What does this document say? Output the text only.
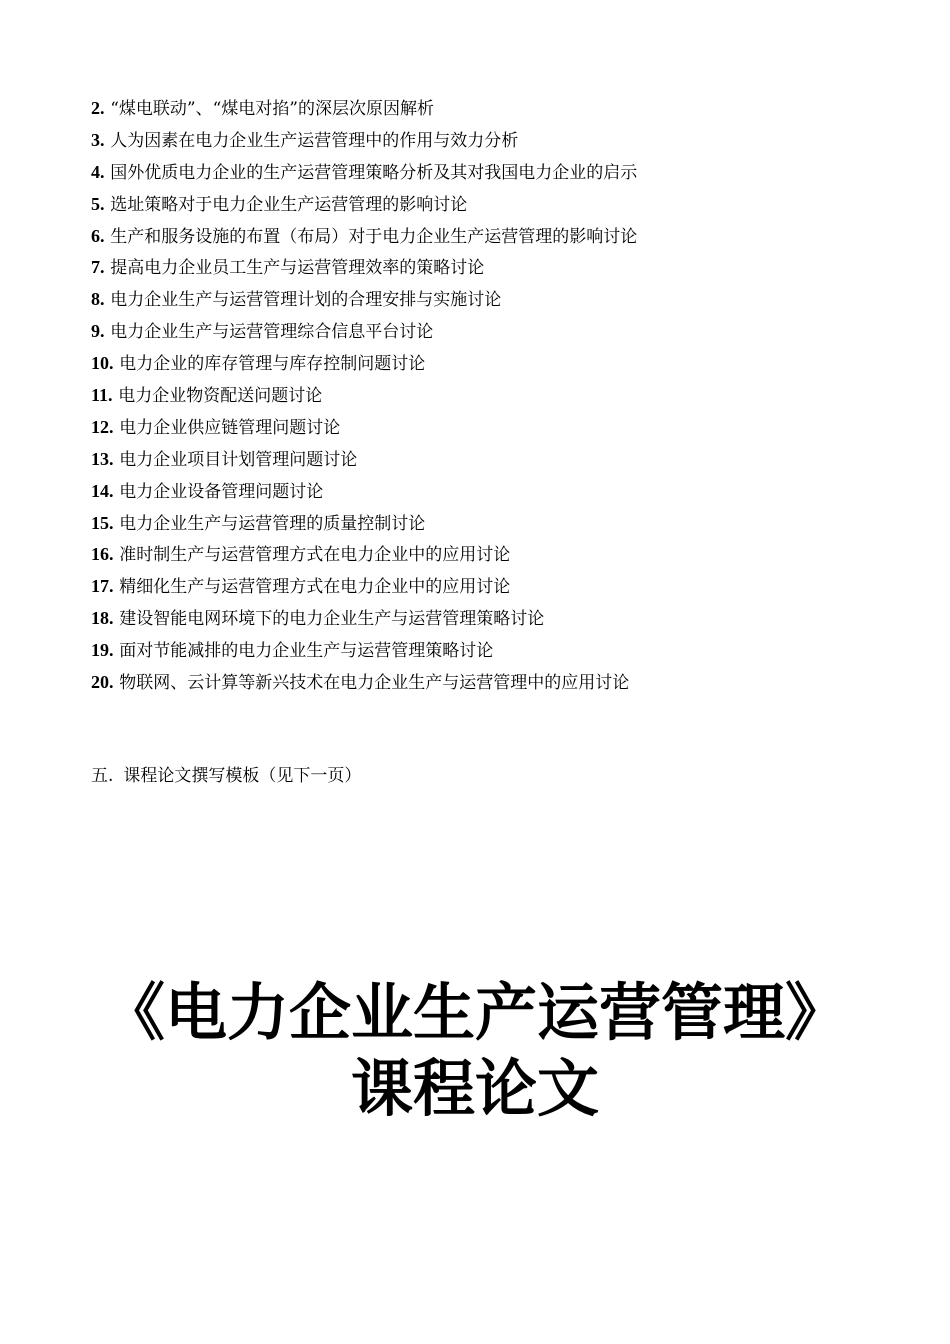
2. “煤电联动”、“煤电对掐”的深层次原因解析
3. 人为因素在电力企业生产运营管理中的作用与效力分析
4. 国外优质电力企业的生产运营管理策略分析及其对我国电力企业的启示
5. 选址策略对于电力企业生产运营管理的影响讨论
6. 生产和服务设施的布置（布局）对于电力企业生产运营管理的影响讨论
7. 提高电力企业员工生产与运营管理效率的策略讨论
8. 电力企业生产与运营管理计划的合理安排与实施讨论
9. 电力企业生产与运营管理综合信息平台讨论
10. 电力企业的库存管理与库存控制问题讨论
11. 电力企业物资配送问题讨论
12. 电力企业供应链管理问题讨论
13. 电力企业项目计划管理问题讨论
14. 电力企业设备管理问题讨论
15. 电力企业生产与运营管理的质量控制讨论
16. 准时制生产与运营管理方式在电力企业中的应用讨论
17. 精细化生产与运营管理方式在电力企业中的应用讨论
18. 建设智能电网环境下的电力企业生产与运营管理策略讨论
19. 面对节能减排的电力企业生产与运营管理策略讨论
20. 物联网、云计算等新兴技术在电力企业生产与运营管理中的应用讨论
五. 课程论文撰写模板（见下一页）
《电力企业生产运营管理》
课程论文
